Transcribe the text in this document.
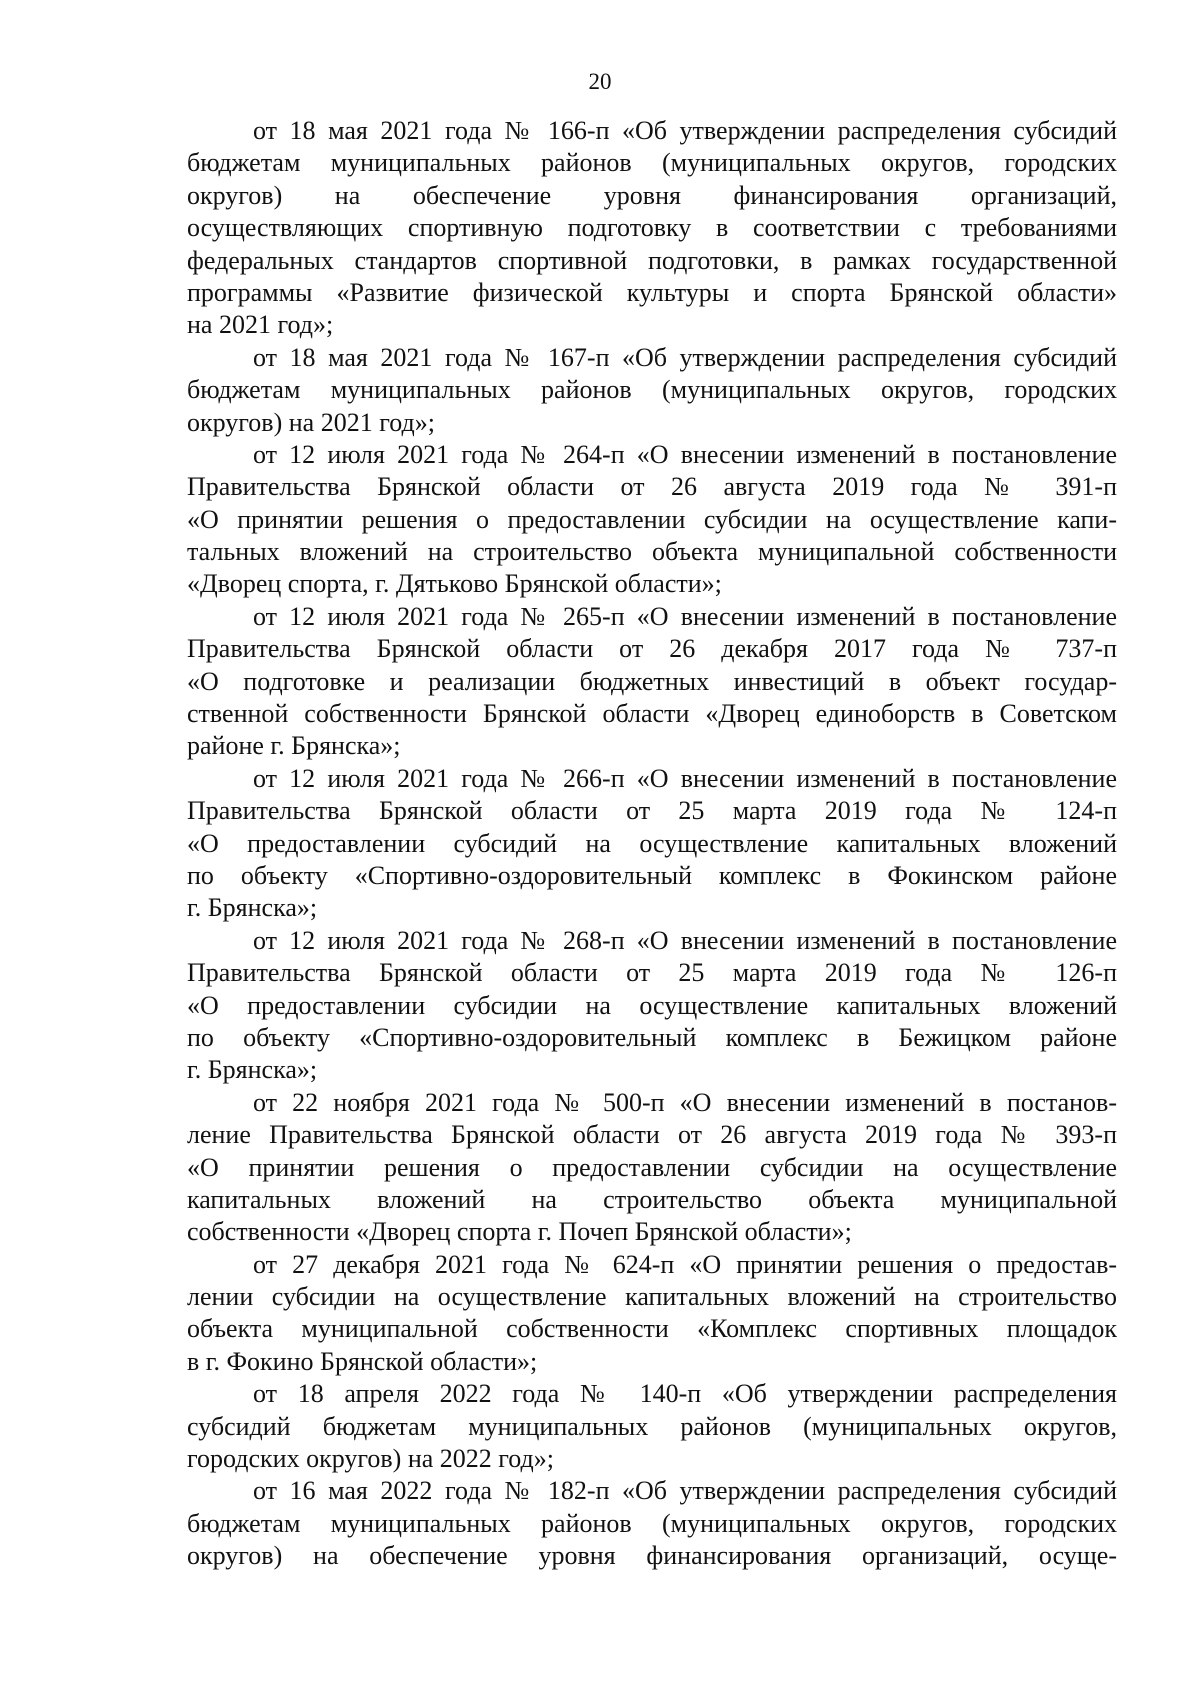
20
от 18 мая 2021 года № 166-п «Об утверждении распределения субсидий
бюджетам муниципальных районов (муниципальных округов, городских
округов) на обеспечение уровня финансирования организаций,
осуществляющих спортивную подготовку в соответствии с требованиями
федеральных стандартов спортивной подготовки, в рамках государственной
программы «Развитие физической культуры и спорта Брянской области»
на 2021 год»;
от 18 мая 2021 года № 167-п «Об утверждении распределения субсидий
бюджетам муниципальных районов (муниципальных округов, городских
округов) на 2021 год»;
от 12 июля 2021 года № 264-п «О внесении изменений в постановление
Правительства Брянской области от 26 августа 2019 года № 391-п
«О принятии решения о предоставлении субсидии на осуществление капи-
тальных вложений на строительство объекта муниципальной собственности
«Дворец спорта, г. Дятьково Брянской области»;
от 12 июля 2021 года № 265-п «О внесении изменений в постановление
Правительства Брянской области от 26 декабря 2017 года № 737-п
«О подготовке и реализации бюджетных инвестиций в объект государ-
ственной собственности Брянской области «Дворец единоборств в Советском
районе г. Брянска»;
от 12 июля 2021 года № 266-п «О внесении изменений в постановление
Правительства Брянской области от 25 марта 2019 года № 124-п
«О предоставлении субсидий на осуществление капитальных вложений
по объекту «Спортивно-оздоровительный комплекс в Фокинском районе
г. Брянска»;
от 12 июля 2021 года № 268-п «О внесении изменений в постановление
Правительства Брянской области от 25 марта 2019 года № 126-п
«О предоставлении субсидии на осуществление капитальных вложений
по объекту «Спортивно-оздоровительный комплекс в Бежицком районе
г. Брянска»;
от 22 ноября 2021 года № 500-п «О внесении изменений в постанов-
ление Правительства Брянской области от 26 августа 2019 года № 393-п
«О принятии решения о предоставлении субсидии на осуществление
капитальных вложений на строительство объекта муниципальной
собственности «Дворец спорта г. Почеп Брянской области»;
от 27 декабря 2021 года № 624-п «О принятии решения о предостав-
лении субсидии на осуществление капитальных вложений на строительство
объекта муниципальной собственности «Комплекс спортивных площадок
в г. Фокино Брянской области»;
от 18 апреля 2022 года № 140-п «Об утверждении распределения
субсидий бюджетам муниципальных районов (муниципальных округов,
городских округов) на 2022 год»;
от 16 мая 2022 года № 182-п «Об утверждении распределения субсидий
бюджетам муниципальных районов (муниципальных округов, городских
округов) на обеспечение уровня финансирования организаций, осуще-
